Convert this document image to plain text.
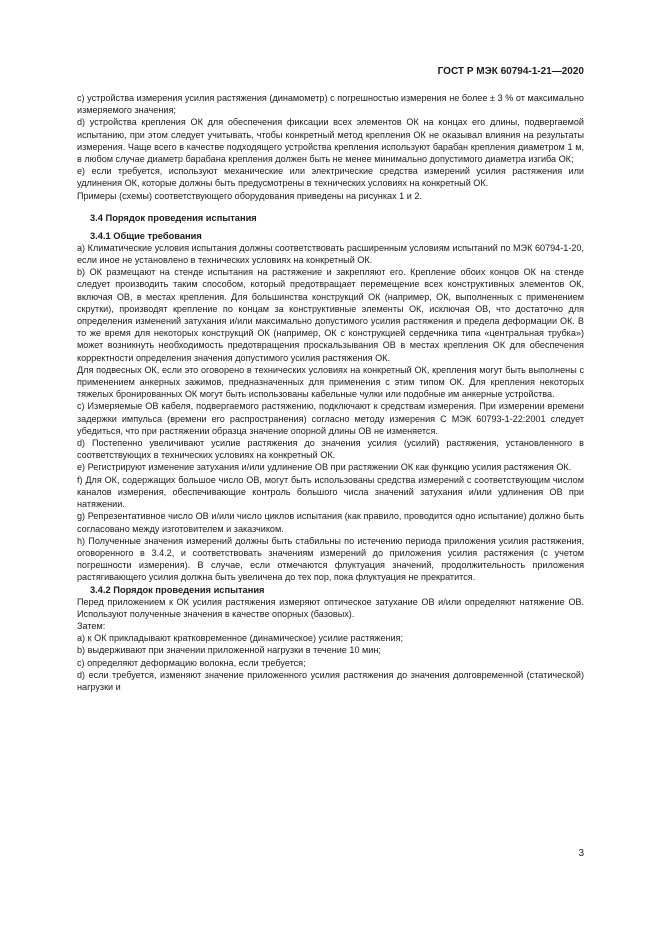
ГОСТ Р МЭК 60794-1-21—2020

c) устройства измерения усилия растяжения (динамометр) с погрешностью измерения не более ± 3 % от максимально измеряемого значения;

d) устройства крепления ОК для обеспечения фиксации всех элементов ОК на концах его длины, подвергаемой испытанию, при этом следует учитывать, чтобы конкретный метод крепления ОК не оказывал влияния на результаты измерения. Чаще всего в качестве подходящего устройства крепления используют барабан крепления диаметром 1 м, в любом случае диаметр барабана крепления должен быть не менее минимально допустимого диаметра изгиба ОК;

e) если требуется, используют механические или электрические средства измерений усилия растяжения или удлинения ОК, которые должны быть предусмотрены в технических условиях на конкретный ОК.

Примеры (схемы) соответствующего оборудования приведены на рисунках 1 и 2.

3.4 Порядок проведения испытания
3.4.1 Общие требования

a) Климатические условия испытания должны соответствовать расширенным условиям испытаний по МЭК 60794-1-20, если иное не установлено в технических условиях на конкретный ОК.

b) ОК размещают на стенде испытания на растяжение и закрепляют его. Крепление обоих концов ОК на стенде следует производить таким способом, который предотвращает перемещение всех конструктивных элементов ОК, включая ОВ, в местах крепления. Для большинства конструкций ОК (например, ОК, выполненных с применением скрутки), производят крепление по концам за конструктивные элементы ОК, исключая ОВ, что достаточно для определения изменений затухания и/или максимально допустимого усилия растяжения и предела деформации ОК. В то же время для некоторых конструкций ОК (например, ОК с конструкцией сердечника типа «центральная трубка») может возникнуть необходимость предотвращения проскальзывания ОВ в местах крепления ОК для обеспечения корректности определения значения допустимого усилия растяжения ОК.

Для подвесных ОК, если это оговорено в технических условиях на конкретный ОК, крепления могут быть выполнены с применением анкерных зажимов, предназначенных для применения с этим типом ОК. Для крепления некоторых тяжелых бронированных ОК могут быть использованы кабельные чулки или подобные им анкерные устройства.

c) Измеряемые ОВ кабеля, подвергаемого растяжению, подключают к средствам измерения. При измерении времени задержки импульса (времени его распространения) согласно методу измерения С МЭК 60793-1-22:2001 следует убедиться, что при растяжении образца значение опорной длины ОВ не изменяется.

d) Постепенно увеличивают усилие растяжения до значения усилия (усилий) растяжения, установленного в соответствующих в технических условиях на конкретный ОК.

e) Регистрируют изменение затухания и/или удлинение ОВ при растяжении ОК как функцию усилия растяжения ОК.

f) Для ОК, содержащих большое число ОВ, могут быть использованы средства измерений с соответствующим числом каналов измерения, обеспечивающие контроль большого числа значений затухания и/или удлинения ОВ при натяжении.

g) Репрезентативное число ОВ и/или число циклов испытания (как правило, проводится одно испытание) должно быть согласовано между изготовителем и заказчиком.

h) Полученные значения измерений должны быть стабильны по истечению периода приложения усилия растяжения, оговоренного в 3.4.2, и соответствовать значениям измерений до приложения усилия растяжения (с учетом погрешности измерения). В случае, если отмечаются флуктуация значений, продолжительность приложения растягивающего усилия должна быть увеличена до тех пор, пока флуктуация не прекратится.

3.4.2 Порядок проведения испытания

Перед приложением к ОК усилия растяжения измеряют оптическое затухание ОВ и/или определяют натяжение ОВ. Используют полученные значения в качестве опорных (базовых).

Затем:

a) к ОК прикладывают кратковременное (динамическое) усилие растяжения;

b) выдерживают при значении приложенной нагрузки в течение 10 мин;

c) определяют деформацию волокна, если требуется;

d) если требуется, изменяют значение приложенного усилия растяжения до значения долговременной (статической) нагрузки и

3
